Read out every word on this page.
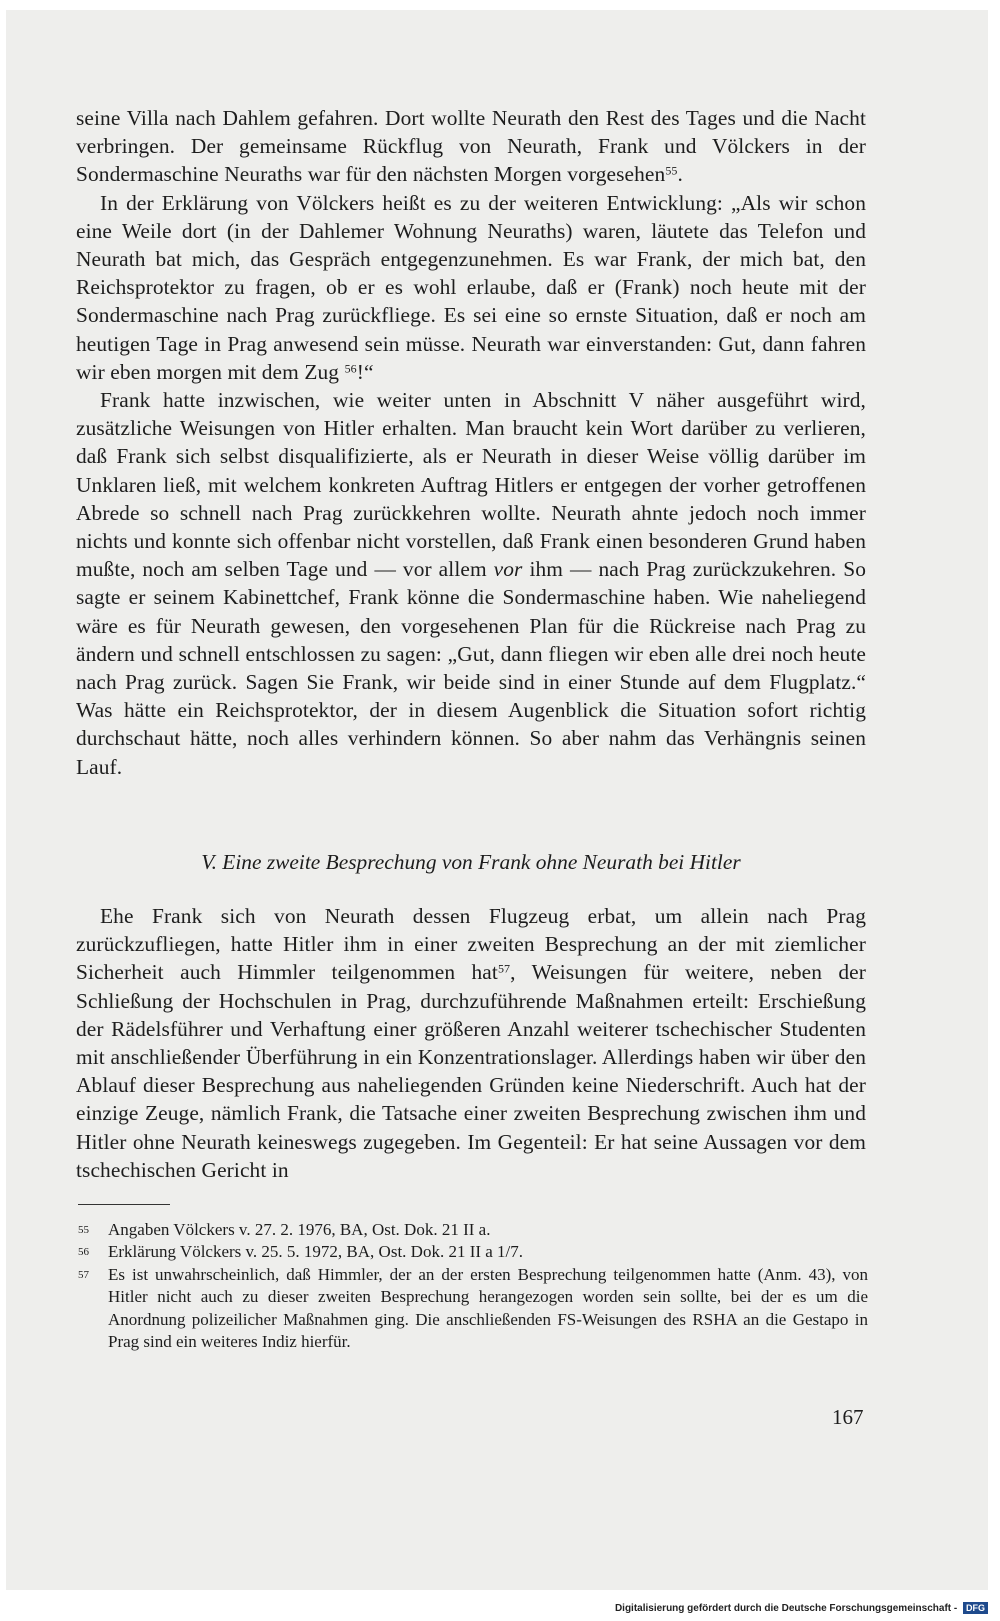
seine Villa nach Dahlem gefahren. Dort wollte Neurath den Rest des Tages und die Nacht verbringen. Der gemeinsame Rückflug von Neurath, Frank und Völckers in der Sondermaschine Neuraths war für den nächsten Morgen vorgesehen$^{55}$.

In der Erklärung von Völckers heißt es zu der weiteren Entwicklung: „Als wir schon eine Weile dort (in der Dahlemer Wohnung Neuraths) waren, läutete das Telefon und Neurath bat mich, das Gespräch entgegenzunehmen. Es war Frank, der mich bat, den Reichsprotektor zu fragen, ob er es wohl erlaube, daß er (Frank) noch heute mit der Sondermaschine nach Prag zurückfliege. Es sei eine so ernste Situation, daß er noch am heutigen Tage in Prag anwesend sein müsse. Neurath war einverstanden: Gut, dann fahren wir eben morgen mit dem Zug $^{56}$!“

Frank hatte inzwischen, wie weiter unten in Abschnitt V näher ausgeführt wird, zusätzliche Weisungen von Hitler erhalten. Man braucht kein Wort darüber zu verlieren, daß Frank sich selbst disqualifizierte, als er Neurath in dieser Weise völlig darüber im Unklaren ließ, mit welchem konkreten Auftrag Hitlers er entgegen der vorher getroffenen Abrede so schnell nach Prag zurückkehren wollte. Neurath ahnte jedoch noch immer nichts und konnte sich offenbar nicht vorstellen, daß Frank einen besonderen Grund haben mußte, noch am selben Tage und — vor allem vor ihm — nach Prag zurückzukehren. So sagte er seinem Kabinettchef, Frank könne die Sondermaschine haben. Wie naheliegend wäre es für Neurath gewesen, den vorgesehenen Plan für die Rückreise nach Prag zu ändern und schnell entschlossen zu sagen: „Gut, dann fliegen wir eben alle drei noch heute nach Prag zurück. Sagen Sie Frank, wir beide sind in einer Stunde auf dem Flugplatz.“ Was hätte ein Reichsprotektor, der in diesem Augenblick die Situation sofort richtig durchschaut hätte, noch alles verhindern können. So aber nahm das Verhängnis seinen Lauf.

V. Eine zweite Besprechung von Frank ohne Neurath bei Hitler

Ehe Frank sich von Neurath dessen Flugzeug erbat, um allein nach Prag zurückzufliegen, hatte Hitler ihm in einer zweiten Besprechung an der mit ziemlicher Sicherheit auch Himmler teilgenommen hat$^{57}$, Weisungen für weitere, neben der Schließung der Hochschulen in Prag, durchzuführende Maßnahmen erteilt: Erschießung der Rädelsführer und Verhaftung einer größeren Anzahl weiterer tschechischer Studenten mit anschließender Überführung in ein Konzentrationslager. Allerdings haben wir über den Ablauf dieser Besprechung aus naheliegenden Gründen keine Niederschrift. Auch hat der einzige Zeuge, nämlich Frank, die Tatsache einer zweiten Besprechung zwischen ihm und Hitler ohne Neurath keineswegs zugegeben. Im Gegenteil: Er hat seine Aussagen vor dem tschechischen Gericht in

55	Angaben Völckers v. 27. 2. 1976, BA, Ost. Dok. 21 II a.
56	Erklärung Völckers v. 25. 5. 1972, BA, Ost. Dok. 21 II a 1/7.
57	Es ist unwahrscheinlich, daß Himmler, der an der ersten Besprechung teilgenommen hatte (Anm. 43), von Hitler nicht auch zu dieser zweiten Besprechung herangezogen worden sein sollte, bei der es um die Anordnung polizeilicher Maßnahmen ging. Die anschließenden FS-Weisungen des RSHA an die Gestapo in Prag sind ein weiteres Indiz hierfür.
167
Digitalisierung gefördert durch die Deutsche Forschungsgemeinschaft - DFG
